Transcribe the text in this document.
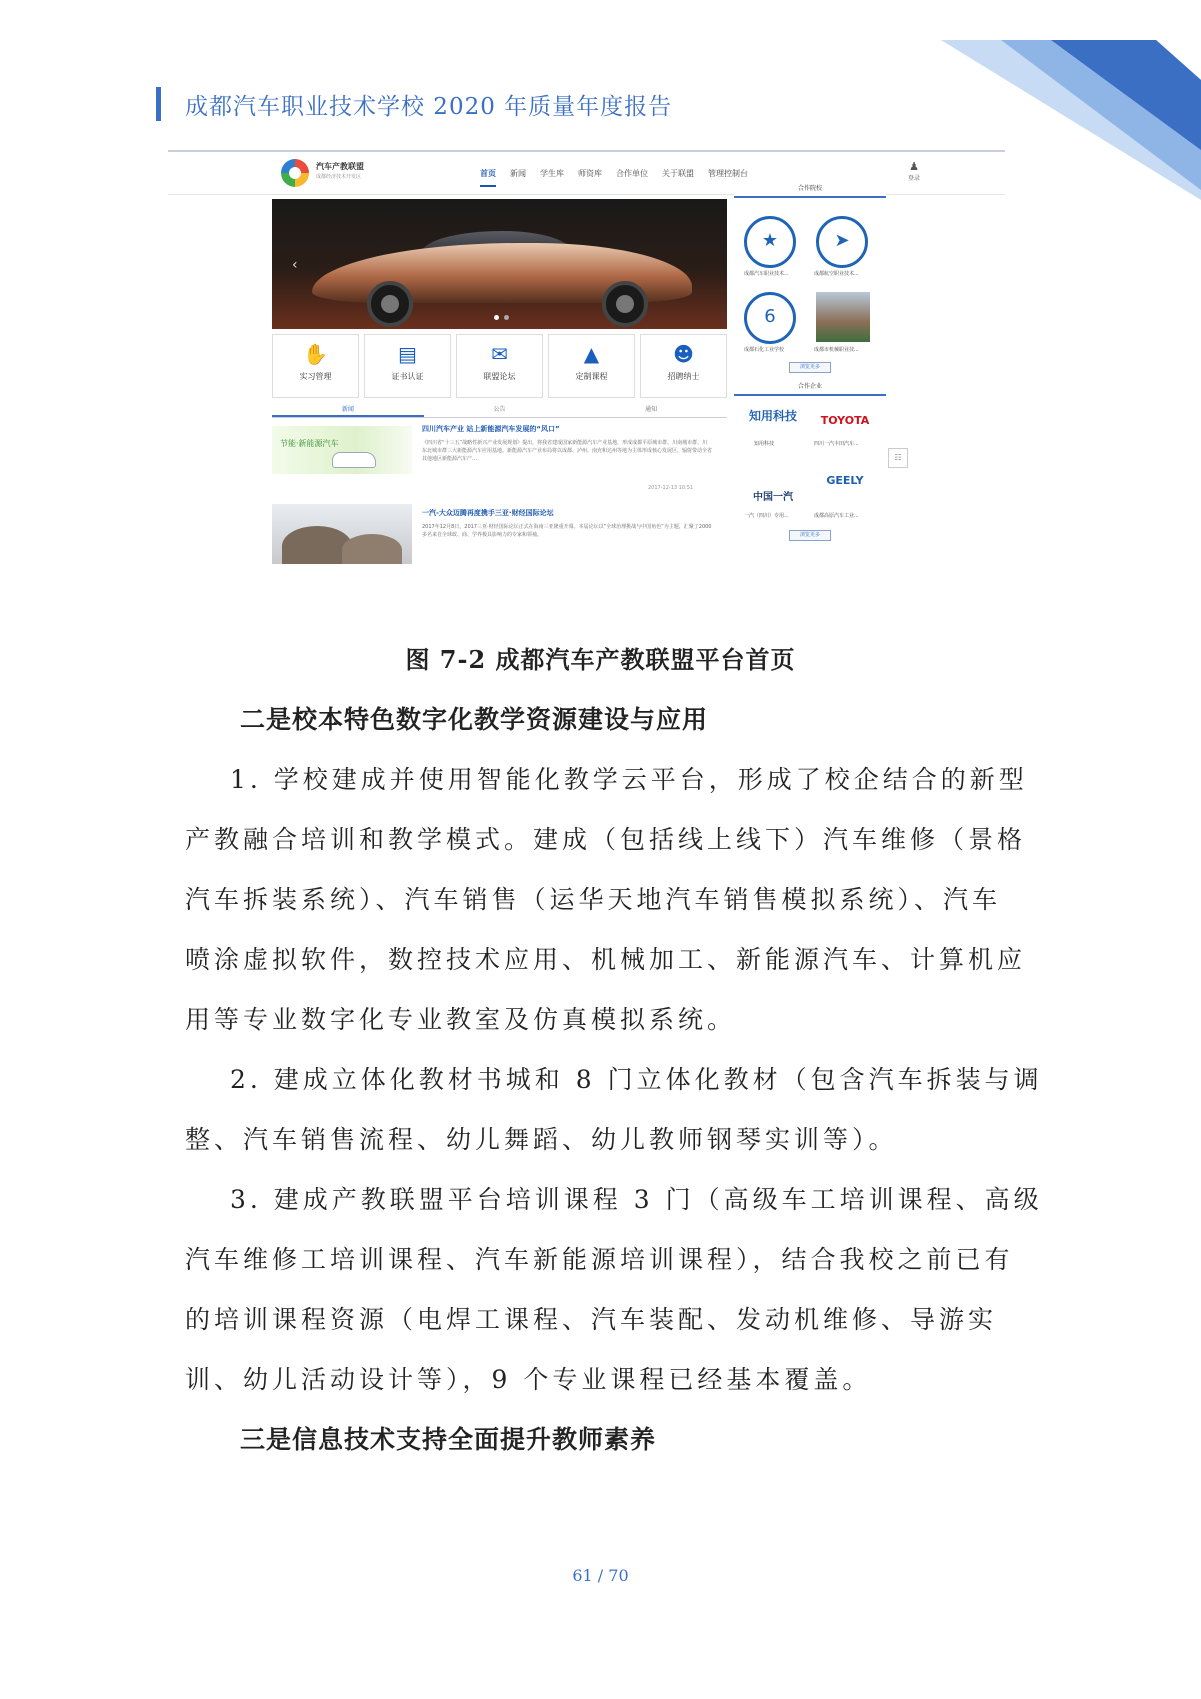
成都汽车职业技术学校 2020 年质量年度报告
汽车产教联盟
成都经济技术开发区	首页 新闻 学生库 师资库 合作单位 关于联盟 管理控制台
♟
登录
‹
✋
实习管理
▤
证书认证
✉
联盟论坛
▲
定制课程
☻
招聘纳士
新闻	公告	通知
节能·新能源汽车
四川汽车产业 站上新能源汽车发展的“风口”
《四川省“十三五”战略性新兴产业发展规划》提出，将我省建成国家新能源汽车产业基地，形成成都平原城市群、川南城市群、川东北城市群三大新能源汽车应用基地。新能源汽车产业布局将以成都、泸州、南充和达州等地为主体形成核心发展区，辐射带动全省其他地区新能源汽车产…
2017-12-13 10:51
一汽-大众迈腾再度携手三亚·财经国际论坛
2017年12月8日，2017三亚·财经国际论坛正式在海南三亚隆重开幕。本届论坛以“全球治理挑战与中国角色”为主题，汇聚了2000多名来自全球政、商、学界极具影响力的专家和领袖。
合作院校
★
成都汽车职业技术...
➤
成都航空职业技术...
6
成都石化工业学校	成都市机械职业技...
浏览更多
合作企业
知用科技
知用科技
TOYOTA
四川一汽丰田汽车...
中国一汽
一汽（四川）专用...
GEELY
成都高原汽车工业...
浏览更多
☷
图 7-2 成都汽车产教联盟平台首页
二是校本特色数字化教学资源建设与应用
1. 学校建成并使用智能化教学云平台，形成了校企结合的新型
产教融合培训和教学模式。建成（包括线上线下）汽车维修（景格
汽车拆装系统）、汽车销售（运华天地汽车销售模拟系统）、汽车
喷涂虚拟软件，数控技术应用、机械加工、新能源汽车、计算机应
用等专业数字化专业教室及仿真模拟系统。
2. 建成立体化教材书城和 8 门立体化教材（包含汽车拆装与调
整、汽车销售流程、幼儿舞蹈、幼儿教师钢琴实训等）。
3. 建成产教联盟平台培训课程 3 门（高级车工培训课程、高级
汽车维修工培训课程、汽车新能源培训课程），结合我校之前已有
的培训课程资源（电焊工课程、汽车装配、发动机维修、导游实
训、幼儿活动设计等），9 个专业课程已经基本覆盖。
三是信息技术支持全面提升教师素养
61 / 70
